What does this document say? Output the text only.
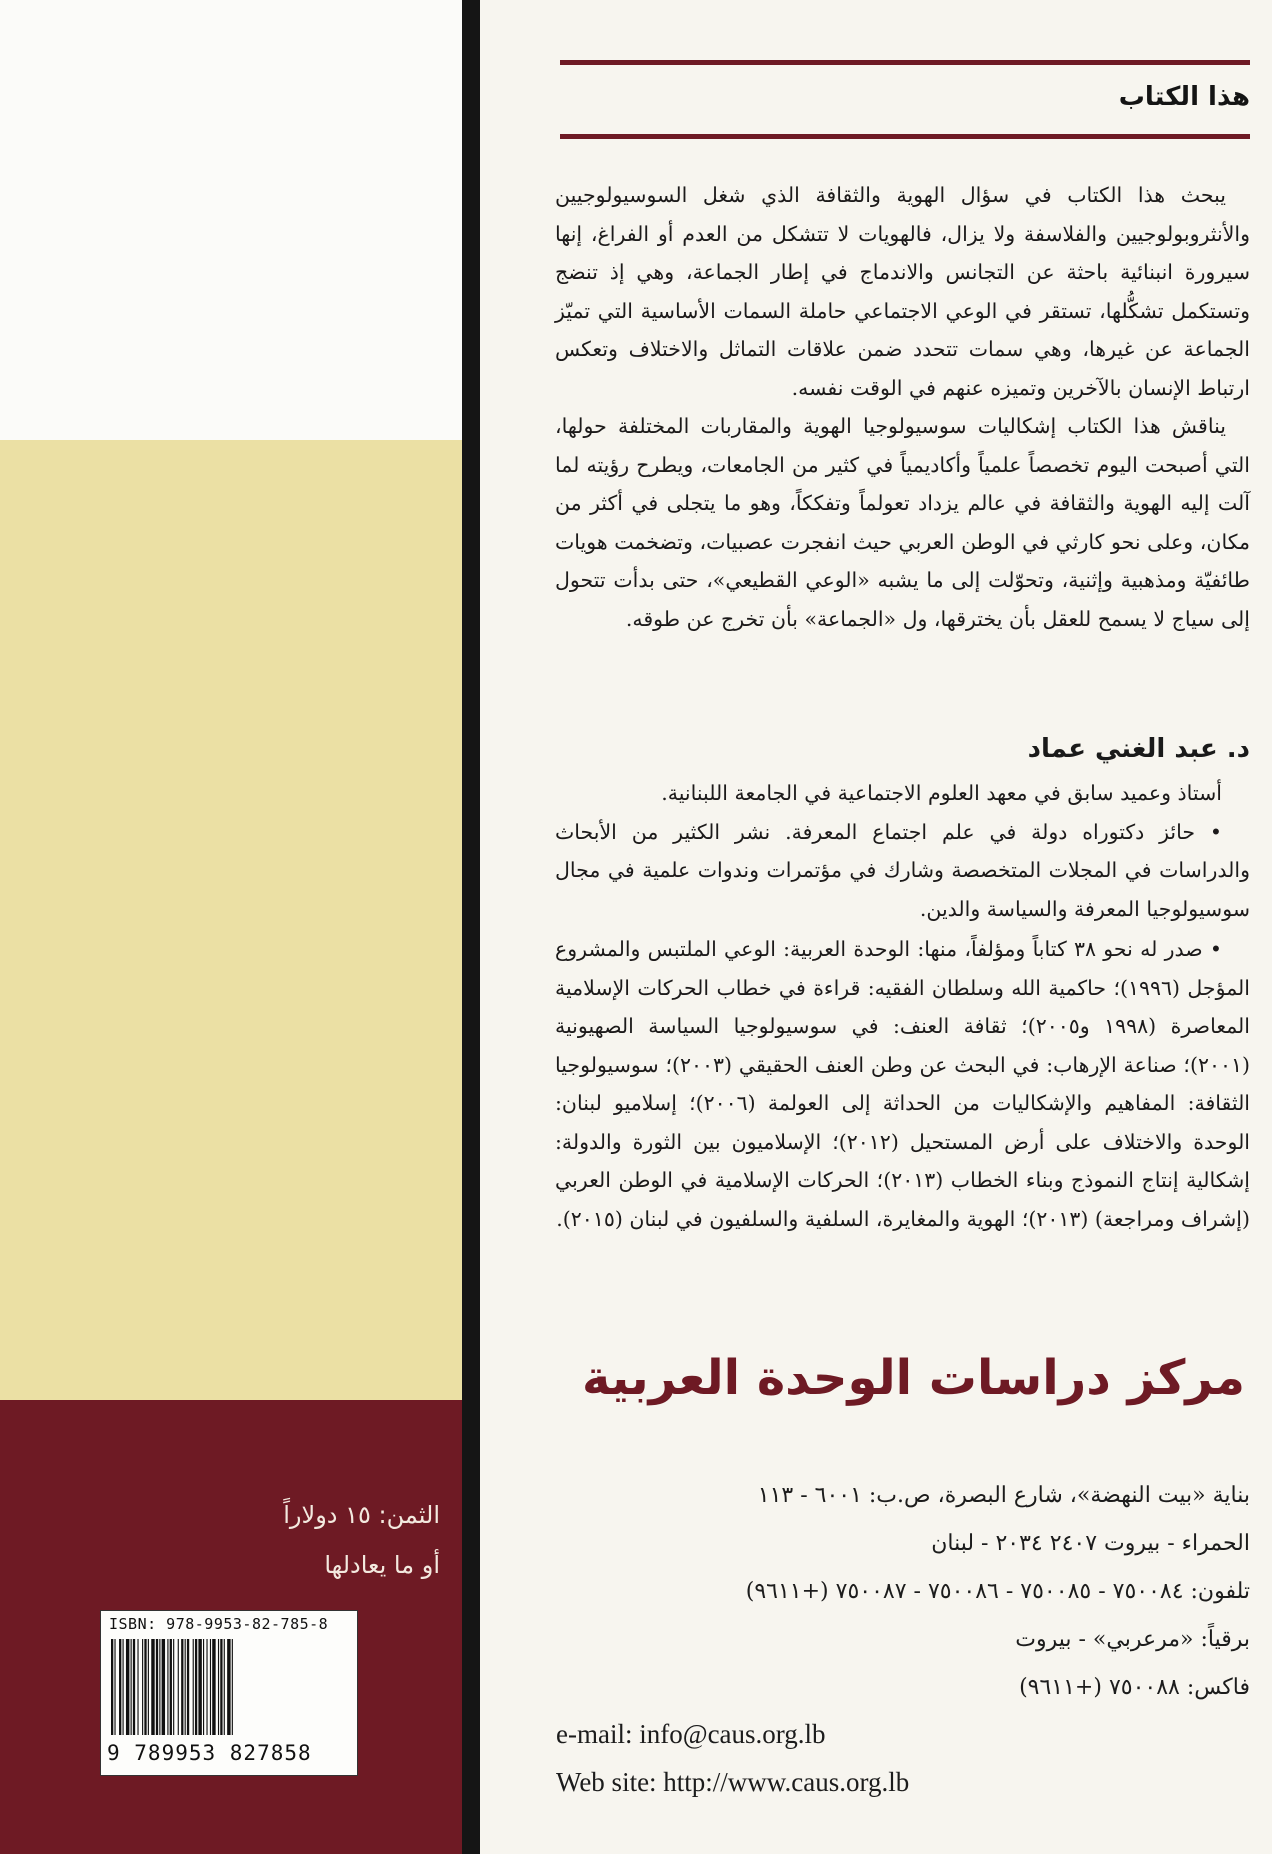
الثمن: ١٥ دولاراً
أو ما يعادلها
ISBN: 978-9953-82-785-8
9 789953 827858
هذا الكتاب

يبحث هذا الكتاب في سؤال الهوية والثقافة الذي شغل السوسيولوجيين والأنثروبولوجيين والفلاسفة ولا يزال، فالهويات لا تتشكل من العدم أو الفراغ، إنها سيرورة انبنائية باحثة عن التجانس والاندماج في إطار الجماعة، وهي إذ تنضج وتستكمل تشكُّلها، تستقر في الوعي الاجتماعي حاملة السمات الأساسية التي تميّز الجماعة عن غيرها، وهي سمات تتحدد ضمن علاقات التماثل والاختلاف وتعكس ارتباط الإنسان بالآخرين وتميزه عنهم في الوقت نفسه.

يناقش هذا الكتاب إشكاليات سوسيولوجيا الهوية والمقاربات المختلفة حولها، التي أصبحت اليوم تخصصاً علمياً وأكاديمياً في كثير من الجامعات، ويطرح رؤيته لما آلت إليه الهوية والثقافة في عالم يزداد تعولماً وتفككاً، وهو ما يتجلى في أكثر من مكان، وعلى نحو كارثي في الوطن العربي حيث انفجرت عصبيات، وتضخمت هويات طائفيّة ومذهبية وإثنية، وتحوّلت إلى ما يشبه «الوعي القطيعي»، حتى بدأت تتحول إلى سياج لا يسمح للعقل بأن يخترقها، ول «الجماعة» بأن تخرج عن طوقه.

د. عبد الغني عماد

أستاذ وعميد سابق في معهد العلوم الاجتماعية في الجامعة اللبنانية.

• حائز دكتوراه دولة في علم اجتماع المعرفة. نشر الكثير من الأبحاث والدراسات في المجلات المتخصصة وشارك في مؤتمرات وندوات علمية في مجال سوسيولوجيا المعرفة والسياسة والدين.

• صدر له نحو ٣٨ كتاباً ومؤلفاً، منها: الوحدة العربية: الوعي الملتبس والمشروع المؤجل (١٩٩٦)؛ حاكمية الله وسلطان الفقيه: قراءة في خطاب الحركات الإسلامية المعاصرة (١٩٩٨ و٢٠٠٥)؛ ثقافة العنف: في سوسيولوجيا السياسة الصهيونية (٢٠٠١)؛ صناعة الإرهاب: في البحث عن وطن العنف الحقيقي (٢٠٠٣)؛ سوسيولوجيا الثقافة: المفاهيم والإشكاليات من الحداثة إلى العولمة (٢٠٠٦)؛ إسلاميو لبنان: الوحدة والاختلاف على أرض المستحيل (٢٠١٢)؛ الإسلاميون بين الثورة والدولة: إشكالية إنتاج النموذج وبناء الخطاب (٢٠١٣)؛ الحركات الإسلامية في الوطن العربي (إشراف ومراجعة) (٢٠١٣)؛ الهوية والمغايرة، السلفية والسلفيون في لبنان (٢٠١٥).

مركز دراسات الوحدة العربية
بناية «بيت النهضة»، شارع البصرة، ص.ب: ٦٠٠١ - ١١٣
الحمراء - بيروت ٢٤٠٧ ٢٠٣٤ - لبنان
تلفون: ٧٥٠٠٨٤ - ٧٥٠٠٨٥ - ٧٥٠٠٨٦ - ٧٥٠٠٨٧ (+٩٦١١)
برقياً: «مرعربي» - بيروت
فاكس: ٧٥٠٠٨٨ (+٩٦١١)
e-mail: info@caus.org.lb
Web site: http://www.caus.org.lb
